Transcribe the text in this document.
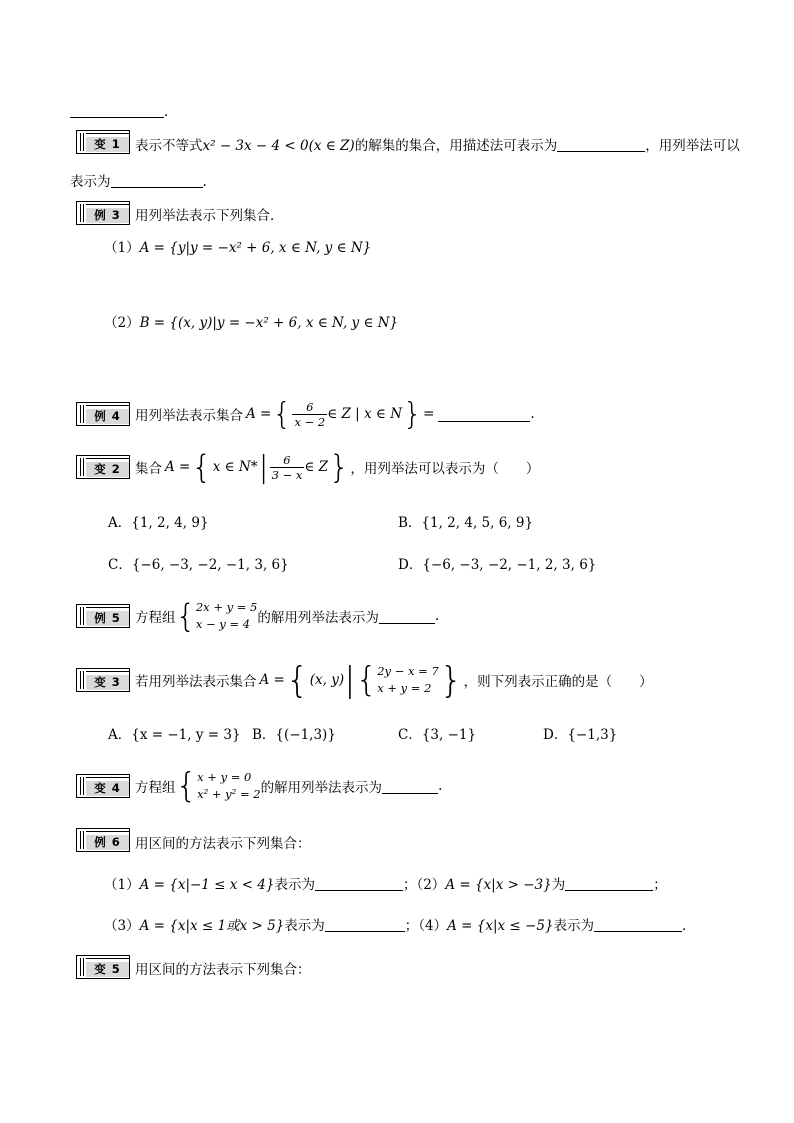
.
变 1	表示不等式x² − 3x − 4 < 0(x ∈ Z)的解集的集合，用描述法可表示为	，用列举法可以
表示为	.
例 3	用列举法表示下列集合．
（1）A = {y|y = −x² + 6, x ∈ N, y ∈ N}
（2）B = {(x, y)|y = −x² + 6, x ∈ N, y ∈ N}
例 4	用列举法表示集合 A = { $\frac{6}{x - 2}$ ∈ Z | x ∈ N } =	.
变 2	集合 A = { x ∈ N* | $\frac{6}{3 - x}$ ∈ Z } ，用列举法可以表示为（　　）
A．{1, 2, 4, 9}	B．{1, 2, 4, 5, 6, 9}
C．{−6, −3, −2, −1, 3, 6}	D．{−6, −3, −2, −1, 2, 3, 6}
例 5	方程组 { 2x + y = 5
x − y = 4 的解用列举法表示为	.
变 3	若用列举法表示集合 A = { (x, y) |{ 2y − x = 7
x + y = 2 } ，则下列表示正确的是（　　）
A．{x = −1, y = 3} B．{(−1,3)}	C．{3, −1}	D．{−1,3}
变 4	方程组 { x + y = 0
x² + y² = 2 的解用列举法表示为	.
例 6	用区间的方法表示下列集合：
（1）A = {x|−1 ≤ x < 4}表示为	；（2）A = {x|x > −3}为	；
（3）A = {x|x ≤ 1或x > 5}表示为	；（4）A = {x|x ≤ −5}表示为	.
变 5	用区间的方法表示下列集合：
